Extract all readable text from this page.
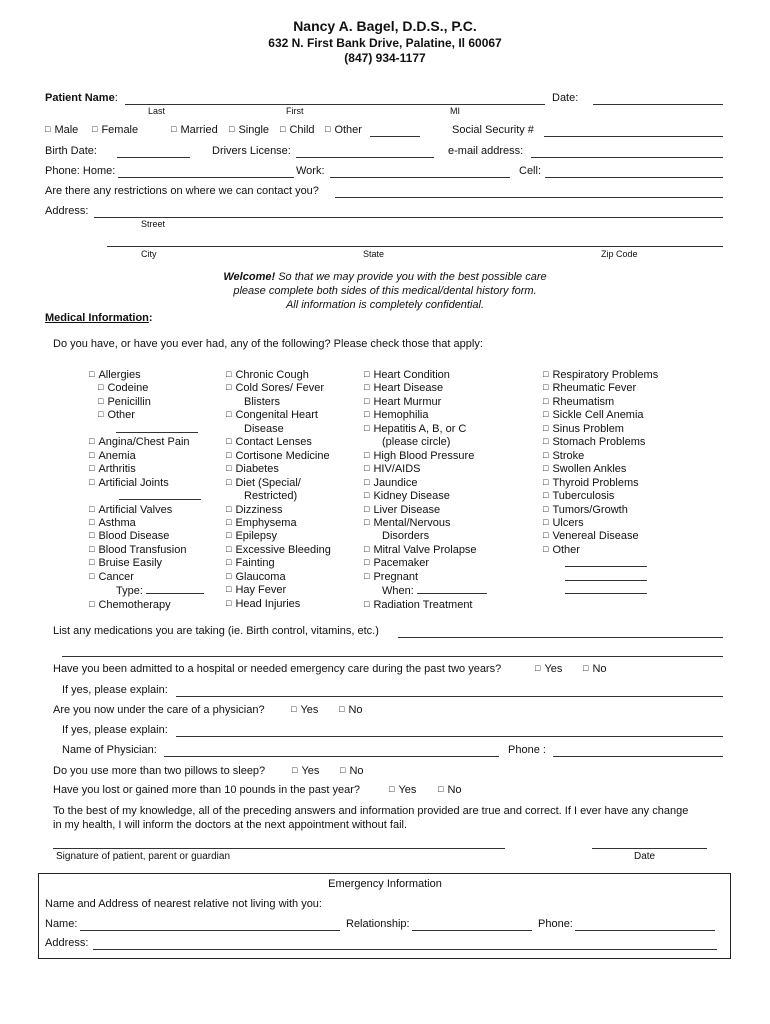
Nancy A. Bagel, D.D.S., P.C.
632 N. First Bank Drive, Palatine, Il 60067
(847) 934-1177
Patient Name:	Date:
Last	First	MI
□ Male	□ Female	□ Married	□ Single	□ Child	□ Other	Social Security #
Birth Date:	Drivers License:	e-mail address:
Phone: Home:	Work:	Cell:
Are there any restrictions on where we can contact you?
Address:
Street
City	State	Zip Code
Welcome! So that we may provide you with the best possible care
please complete both sides of this medical/dental history form.
All information is completely confidential.
Medical Information:
Do you have, or have you ever had, any of the following? Please check those that apply:
□ Allergies
□ Codeine
□ Penicillin
□ Other
□ Angina/Chest Pain
□ Anemia
□ Arthritis
□ Artificial Joints
□ Artificial Valves
□ Asthma
□ Blood Disease
□ Blood Transfusion
□ Bruise Easily
□ Cancer
Type:
□ Chemotherapy
□ Chronic Cough
□ Cold Sores/ Fever
Blisters
□ Congenital Heart
Disease
□ Contact Lenses
□ Cortisone Medicine
□ Diabetes
□ Diet (Special/
Restricted)
□ Dizziness
□ Emphysema
□ Epilepsy
□ Excessive Bleeding
□ Fainting
□ Glaucoma
□ Hay Fever
□ Head Injuries
□ Heart Condition
□ Heart Disease
□ Heart Murmur
□ Hemophilia
□ Hepatitis A, B, or C
(please circle)
□ High Blood Pressure
□ HIV/AIDS
□ Jaundice
□ Kidney Disease
□ Liver Disease
□ Mental/Nervous
Disorders
□ Mitral Valve Prolapse
□ Pacemaker
□ Pregnant
When:
□ Radiation Treatment
□ Respiratory Problems
□ Rheumatic Fever
□ Rheumatism
□ Sickle Cell Anemia
□ Sinus Problem
□ Stomach Problems
□ Stroke
□ Swollen Ankles
□ Thyroid Problems
□ Tuberculosis
□ Tumors/Growth
□ Ulcers
□ Venereal Disease
□ Other
List any medications you are taking (ie. Birth control, vitamins, etc.)
Have you been admitted to a hospital or needed emergency care during the past two years?	□ Yes	□ No
If yes, please explain:
Are you now under the care of a physician?	□ Yes	□ No
If yes, please explain:
Name of Physician:	Phone :
Do you use more than two pillows to sleep?	□ Yes	□ No
Have you lost or gained more than 10 pounds in the past year?	□ Yes	□ No
To the best of my knowledge, all of the preceding answers and information provided are true and correct. If I ever have any change
in my health, I will inform the doctors at the next appointment without fail.
Signature of patient, parent or guardian	Date
Emergency Information
Name and Address of nearest relative not living with you:
Name:	Relationship:	Phone:
Address:
